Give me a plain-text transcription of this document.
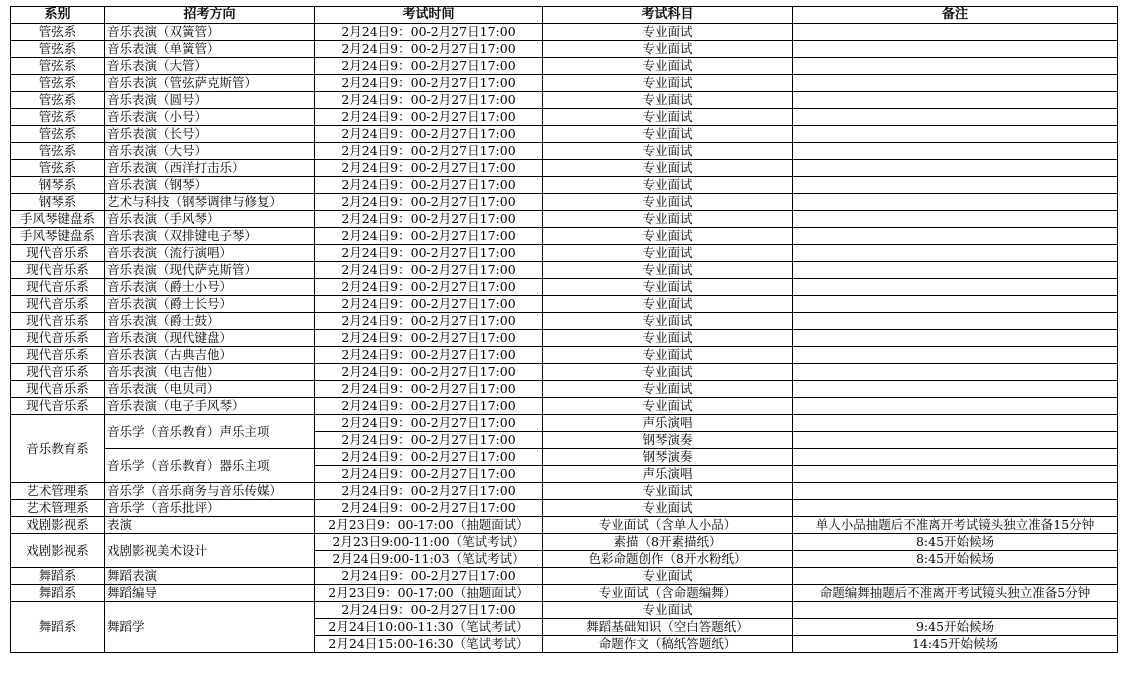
系别	招考方向	考试时间	考试科目	备注
管弦系	音乐表演（双簧管）	2月24日9：00-2月27日17:00	专业面试	
管弦系	音乐表演（单簧管）	2月24日9：00-2月27日17:00	专业面试	
管弦系	音乐表演（大管）	2月24日9：00-2月27日17:00	专业面试	
管弦系	音乐表演（管弦萨克斯管）	2月24日9：00-2月27日17:00	专业面试	
管弦系	音乐表演（圆号）	2月24日9：00-2月27日17:00	专业面试	
管弦系	音乐表演（小号）	2月24日9：00-2月27日17:00	专业面试	
管弦系	音乐表演（长号）	2月24日9：00-2月27日17:00	专业面试	
管弦系	音乐表演（大号）	2月24日9：00-2月27日17:00	专业面试	
管弦系	音乐表演（西洋打击乐）	2月24日9：00-2月27日17:00	专业面试	
钢琴系	音乐表演（钢琴）	2月24日9：00-2月27日17:00	专业面试	
钢琴系	艺术与科技（钢琴调律与修复）	2月24日9：00-2月27日17:00	专业面试	
手风琴键盘系	音乐表演（手风琴）	2月24日9：00-2月27日17:00	专业面试	
手风琴键盘系	音乐表演（双排键电子琴）	2月24日9：00-2月27日17:00	专业面试	
现代音乐系	音乐表演（流行演唱）	2月24日9：00-2月27日17:00	专业面试	
现代音乐系	音乐表演（现代萨克斯管）	2月24日9：00-2月27日17:00	专业面试	
现代音乐系	音乐表演（爵士小号）	2月24日9：00-2月27日17:00	专业面试	
现代音乐系	音乐表演（爵士长号）	2月24日9：00-2月27日17:00	专业面试	
现代音乐系	音乐表演（爵士鼓）	2月24日9：00-2月27日17:00	专业面试	
现代音乐系	音乐表演（现代键盘）	2月24日9：00-2月27日17:00	专业面试	
现代音乐系	音乐表演（古典吉他）	2月24日9：00-2月27日17:00	专业面试	
现代音乐系	音乐表演（电吉他）	2月24日9：00-2月27日17:00	专业面试	
现代音乐系	音乐表演（电贝司）	2月24日9：00-2月27日17:00	专业面试	
现代音乐系	音乐表演（电子手风琴）	2月24日9：00-2月27日17:00	专业面试	
音乐教育系	音乐学（音乐教育）声乐主项	2月24日9：00-2月27日17:00	声乐演唱	
		2月24日9：00-2月27日17:00	钢琴演奏	
	音乐学（音乐教育）器乐主项	2月24日9：00-2月27日17:00	钢琴演奏	
		2月24日9：00-2月27日17:00	声乐演唱	
艺术管理系	音乐学（音乐商务与音乐传媒）	2月24日9：00-2月27日17:00	专业面试	
艺术管理系	音乐学（音乐批评）	2月24日9：00-2月27日17:00	专业面试	
戏剧影视系	表演	2月23日9：00-17:00（抽题面试）	专业面试（含单人小品）	单人小品抽题后不准离开考试镜头独立准备15分钟
戏剧影视系	戏剧影视美术设计	2月23日9:00-11:00（笔试考试）	素描（8开素描纸）	8:45开始候场
		2月24日9:00-11:03（笔试考试）	色彩命题创作（8开水粉纸）	8:45开始候场
舞蹈系	舞蹈表演	2月24日9：00-2月27日17:00	专业面试	
舞蹈系	舞蹈编导	2月23日9：00-17:00（抽题面试）	专业面试（含命题编舞）	命题编舞抽题后不准离开考试镜头独立准备5分钟
舞蹈系	舞蹈学	2月24日9：00-2月27日17:00	专业面试	
		2月24日10:00-11:30（笔试考试）	舞蹈基础知识（空白答题纸）	9:45开始候场
		2月24日15:00-16:30（笔试考试）	命题作文（稿纸答题纸）	14:45开始候场
